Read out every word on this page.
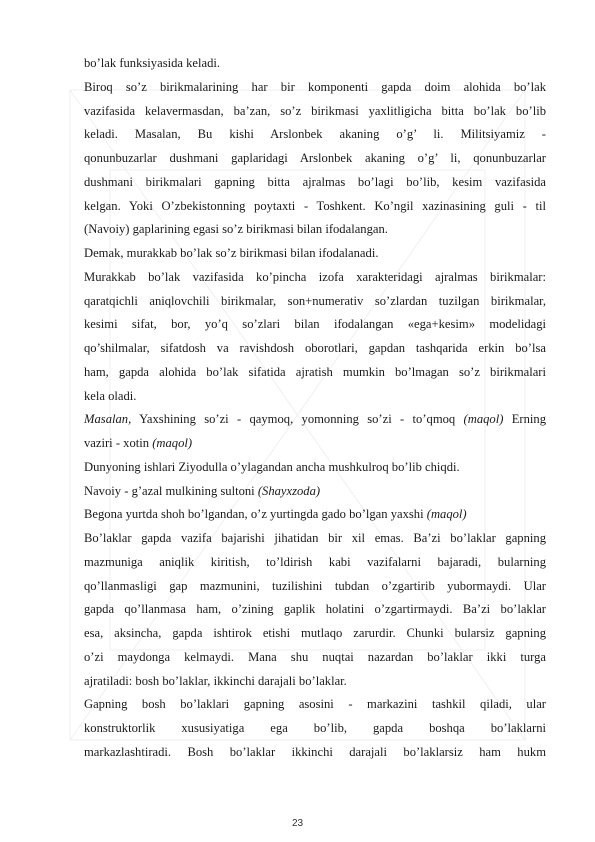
bo’lak funksiyasida keladi.
Biroq so’z birikmalarining har bir komponenti gapda doim alohida bo’lak
vazifasida kelavermasdan, ba’zan, so’z birikmasi yaxlitligicha bitta bo’lak bo’lib
keladi. Masalan, Bu kishi Arslonbek akaning o’g’ li. Militsiyamiz -
qonunbuzarlar dushmani gaplaridagi Arslonbek akaning o’g’ li, qonunbuzarlar
dushmani birikmalari gapning bitta ajralmas bo’lagi bo’lib, kesim vazifasida
kelgan. Yoki O’zbekistonning poytaxti - Toshkent. Ko’ngil xazinasining guli - til
(Navoiy) gaplarining egasi so’z birikmasi bilan ifodalangan.
Demak, murakkab bo’lak so’z birikmasi bilan ifodalanadi.
Murakkab bo’lak vazifasida ko’pincha izofa xarakteridagi ajralmas birikmalar:
qaratqichli aniqlovchili birikmalar, son+numerativ so’zlardan tuzilgan birikmalar,
kesimi sifat, bor, yo’q so’zlari bilan ifodalangan «ega+kesim» modelidagi
qo’shilmalar, sifatdosh va ravishdosh oborotlari, gapdan tashqarida erkin bo’lsa
ham, gapda alohida bo’lak sifatida ajratish mumkin bo’lmagan so’z birikmalari
kela oladi.
Masalan, Yaxshining so’zi - qaymoq, yomonning so’zi - to’qmoq (maqol) Erning
vaziri - xotin (maqol)
Dunyoning ishlari Ziyodulla o’ylagandan ancha mushkulroq bo’lib chiqdi.
Navoiy - g’azal mulkining sultoni (Shayxzoda)
Begona yurtda shoh bo’lgandan, o’z yurtingda gado bo’lgan yaxshi (maqol)
Bo’laklar gapda vazifa bajarishi jihatidan bir xil emas. Ba’zi bo’laklar gapning
mazmuniga aniqlik kiritish, to’ldirish kabi vazifalarni bajaradi, bularning
qo’llanmasligi gap mazmunini, tuzilishini tubdan o’zgartirib yubormaydi. Ular
gapda qo’llanmasa ham, o’zining gaplik holatini o’zgartirmaydi. Ba’zi bo’laklar
esa, aksincha, gapda ishtirok etishi mutlaqo zarurdir. Chunki bularsiz gapning
o’zi maydonga kelmaydi. Mana shu nuqtai nazardan bo’laklar ikki turga
ajratiladi: bosh bo’laklar, ikkinchi darajali bo’laklar.
Gapning bosh bo’laklari gapning asosini - markazini tashkil qiladi, ular
konstruktorlik xususiyatiga ega bo’lib, gapda boshqa bo’laklarni
markazlashtiradi. Bosh bo’laklar ikkinchi darajali bo’laklarsiz ham hukm
23
